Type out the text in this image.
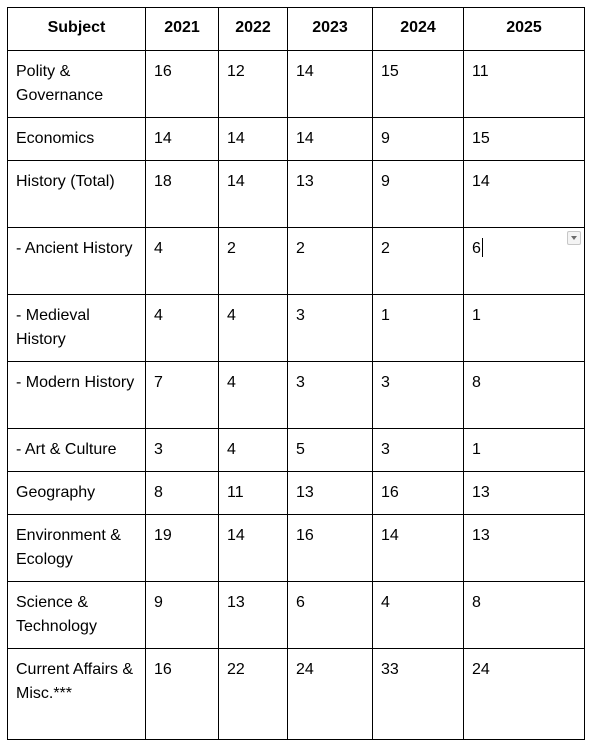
Subject	2021	2022	2023	2024	2025
Polity & Governance	16	12	14	15	11
Economics	14	14	14	9	15
History (Total)	18	14	13	9	14
- Ancient History	4	2	2	2	6

- Medieval History	4	4	3	1	1
- Modern History	7	4	3	3	8
- Art & Culture	3	4	5	3	1
Geography	8	11	13	16	13
Environment & Ecology	19	14	16	14	13
Science & Technology	9	13	6	4	8
Current Affairs & Misc.***	16	22	24	33	24
